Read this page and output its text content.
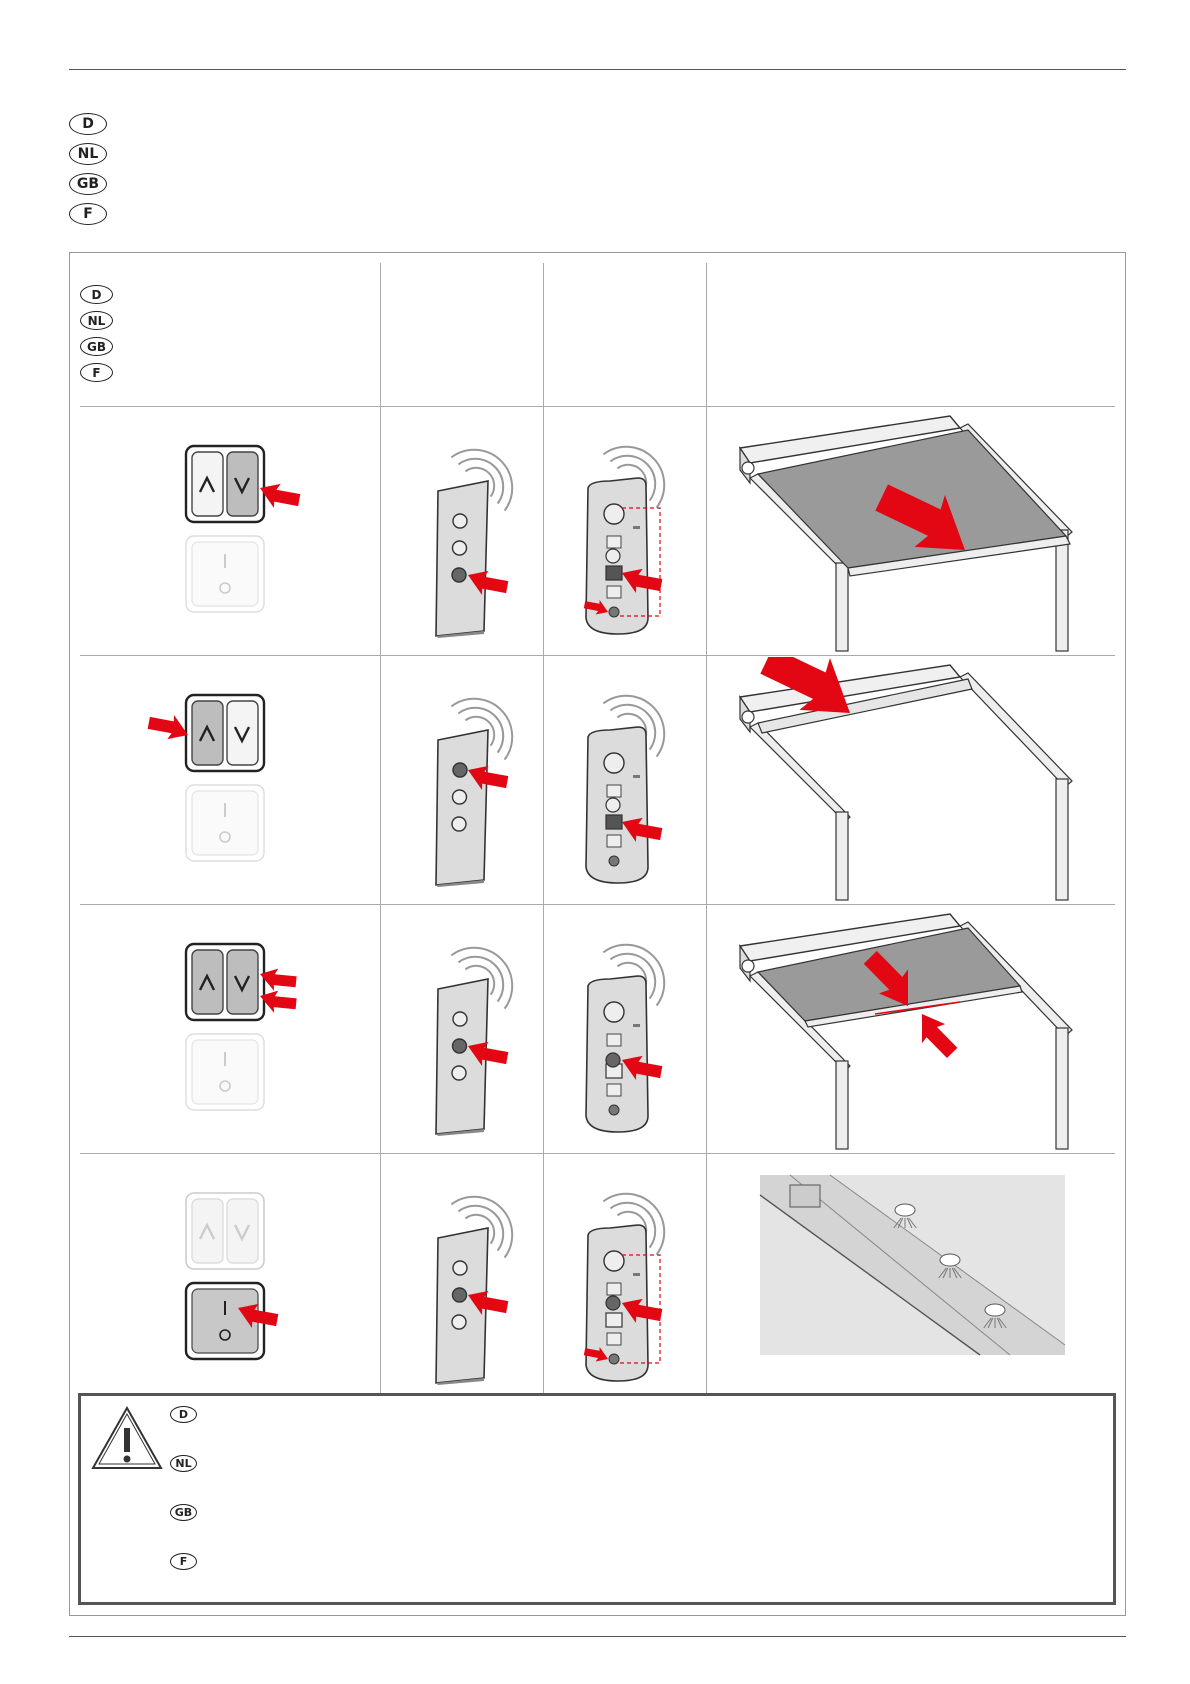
D
NL
GB
F
D
NL
GB
F
D
NL
GB
F
